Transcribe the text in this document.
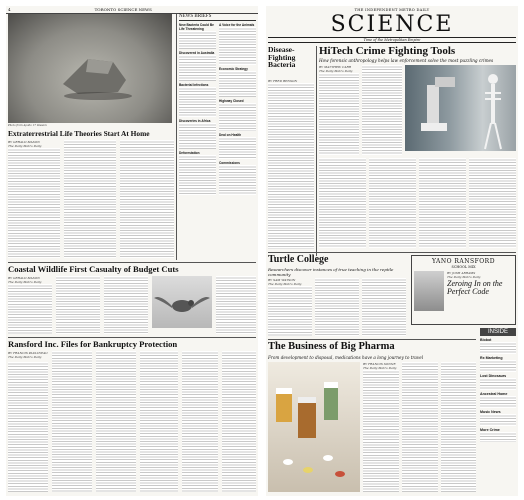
4	TORONTO SCIENCE NEWS
Photo from Apollo 17 mission
Extraterrestrial Life Theories Start At Home
BY GERALD MASON
The Daily Metro Daily
NEWS BRIEFS
New Bacteria Could Be Life Threatening
Discovered in Australia
Bacterial Infections
Discoveries in Africa
Deforestation
A Voice for the Animals
Economic Strategy
Highway Closed
Deal on Health
Commissions
Coastal Wildlife First Casualty of Budget Cuts
BY GERALD MASON
The Daily Metro Daily
Ransford Inc. Files for Bankruptcy Protection
BY FRANCIS PAULINEAU
The Daily Metro Daily
THE INDEPENDENT METRO DAILY
SCIENCE
Time of the Metropolitan Empire
Disease-Fighting Bacteria
BY FRED BENSON
HiTech Crime Fighting Tools
How forensic anthropology helps law enforcement solve the most puzzling crimes
BY MATTHEW CARR
The Daily Metro Daily
Turtle College
Researchers discover instances of true teaching in the reptile community
BY SAM WATSON
The Daily Metro Daily
YANO RANSFORD
SCHOOL MIX
BY JOSH ABRAMS
The Daily Metro Daily
Zeroing In on the Perfect Code
INSIDE
Biobot
Rx Marketing
Lost Dinosaurs
Ancestral Home
Music News
More Crime
The Business of Big Pharma
From development to disposal, medications have a long journey to travel
BY FRANCIS SONNE
The Daily Metro Daily
